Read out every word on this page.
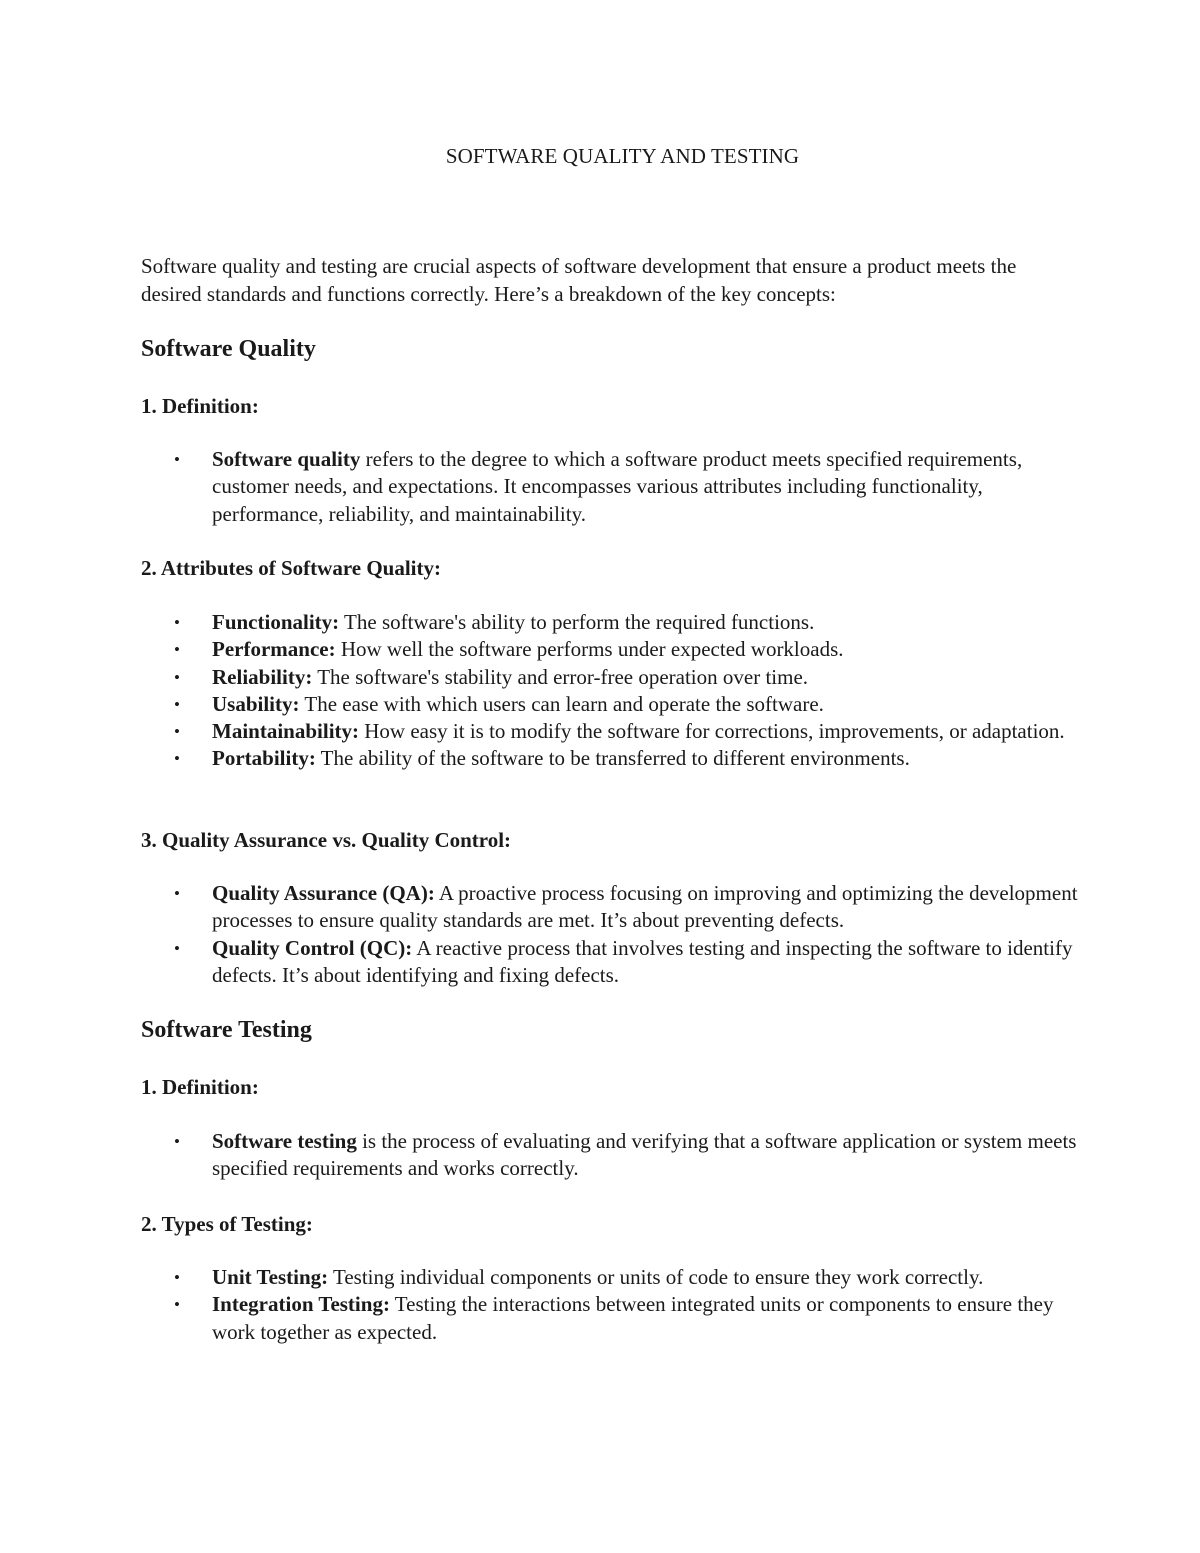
SOFTWARE QUALITY AND TESTING
Software quality and testing are crucial aspects of software development that ensure a product meets the desired standards and functions correctly. Here’s a breakdown of the key concepts:
Software Quality
1. Definition:
• Software quality refers to the degree to which a software product meets specified requirements, customer needs, and expectations. It encompasses various attributes including functionality, performance, reliability, and maintainability.
2. Attributes of Software Quality:
• Functionality: The software's ability to perform the required functions.
• Performance: How well the software performs under expected workloads.
• Reliability: The software's stability and error-free operation over time.
• Usability: The ease with which users can learn and operate the software.
• Maintainability: How easy it is to modify the software for corrections, improvements, or adaptation.
• Portability: The ability of the software to be transferred to different environments.
3. Quality Assurance vs. Quality Control:
• Quality Assurance (QA): A proactive process focusing on improving and optimizing the development processes to ensure quality standards are met. It’s about preventing defects.
• Quality Control (QC): A reactive process that involves testing and inspecting the software to identify defects. It’s about identifying and fixing defects.
Software Testing
1. Definition:
• Software testing is the process of evaluating and verifying that a software application or system meets specified requirements and works correctly.
2. Types of Testing:
• Unit Testing: Testing individual components or units of code to ensure they work correctly.
• Integration Testing: Testing the interactions between integrated units or components to ensure they work together as expected.
